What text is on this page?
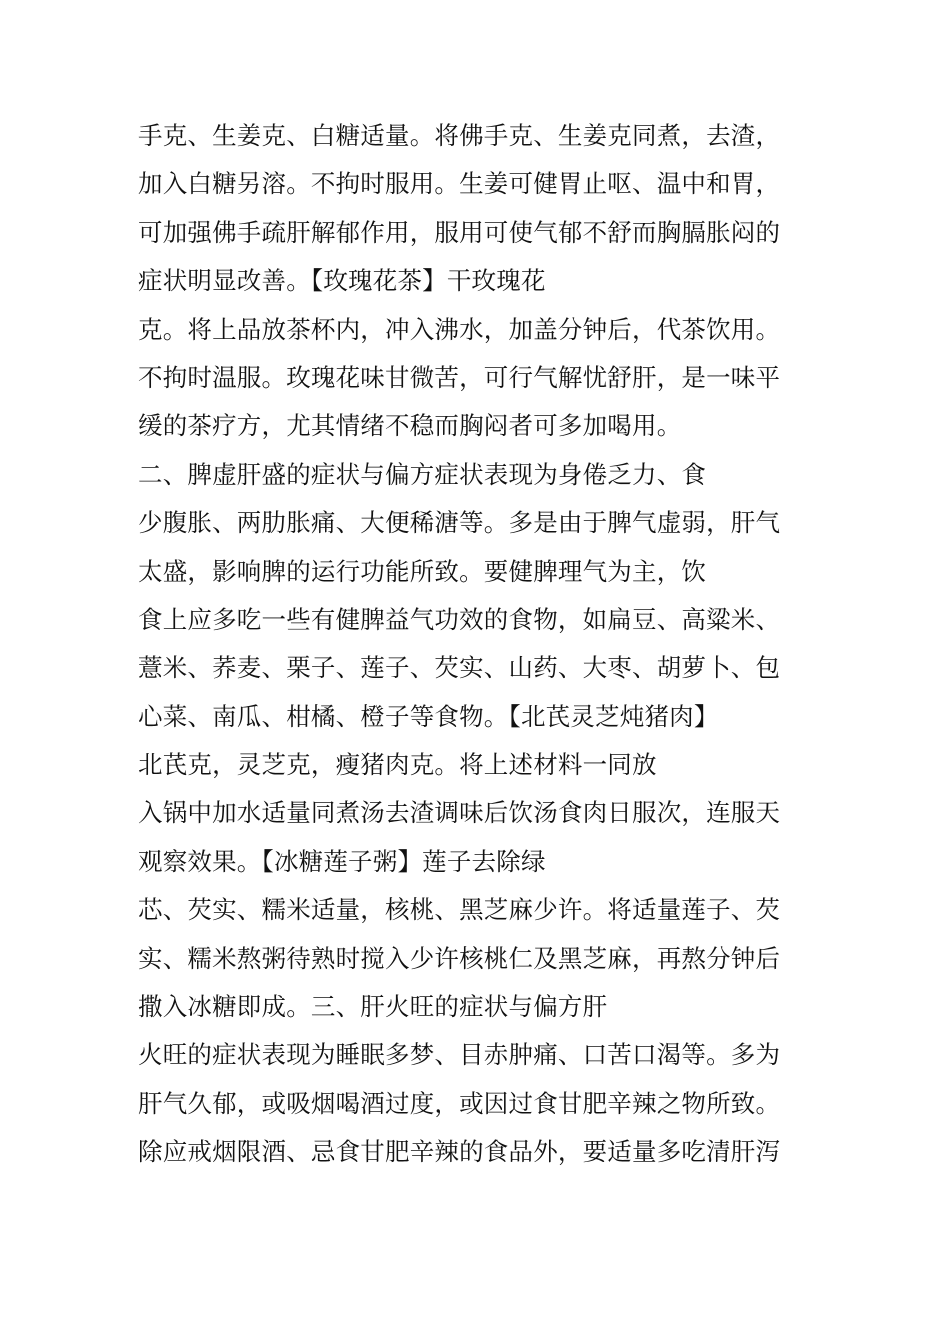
手克、生姜克、白糖适量。将佛手克、生姜克同煮，去渣，
加入白糖另溶。不拘时服用。生姜可健胃止呕、温中和胃，
可加强佛手疏肝解郁作用，服用可使气郁不舒而胸膈胀闷的
症状明显改善。【玫瑰花茶】干玫瑰花
克。将上品放茶杯内，冲入沸水，加盖分钟后，代茶饮用。
不拘时温服。玫瑰花味甘微苦，可行气解忧舒肝，是一味平
缓的茶疗方，尤其情绪不稳而胸闷者可多加喝用。
二、脾虚肝盛的症状与偏方症状表现为身倦乏力、食
少腹胀、两肋胀痛、大便稀溏等。多是由于脾气虚弱，肝气
太盛，影响脾的运行功能所致。要健脾理气为主，饮
食上应多吃一些有健脾益气功效的食物，如扁豆、高粱米、
薏米、荞麦、栗子、莲子、芡实、山药、大枣、胡萝卜、包
心菜、南瓜、柑橘、橙子等食物。【北芪灵芝炖猪肉】
北芪克，灵芝克，瘦猪肉克。将上述材料一同放
入锅中加水适量同煮汤去渣调味后饮汤食肉日服次，连服天
观察效果。【冰糖莲子粥】莲子去除绿
芯、芡实、糯米适量，核桃、黑芝麻少许。将适量莲子、芡
实、糯米熬粥待熟时搅入少许核桃仁及黑芝麻，再熬分钟后
撒入冰糖即成。三、肝火旺的症状与偏方肝
火旺的症状表现为睡眠多梦、目赤肿痛、口苦口渴等。多为
肝气久郁，或吸烟喝酒过度，或因过食甘肥辛辣之物所致。
除应戒烟限酒、忌食甘肥辛辣的食品外，要适量多吃清肝泻
